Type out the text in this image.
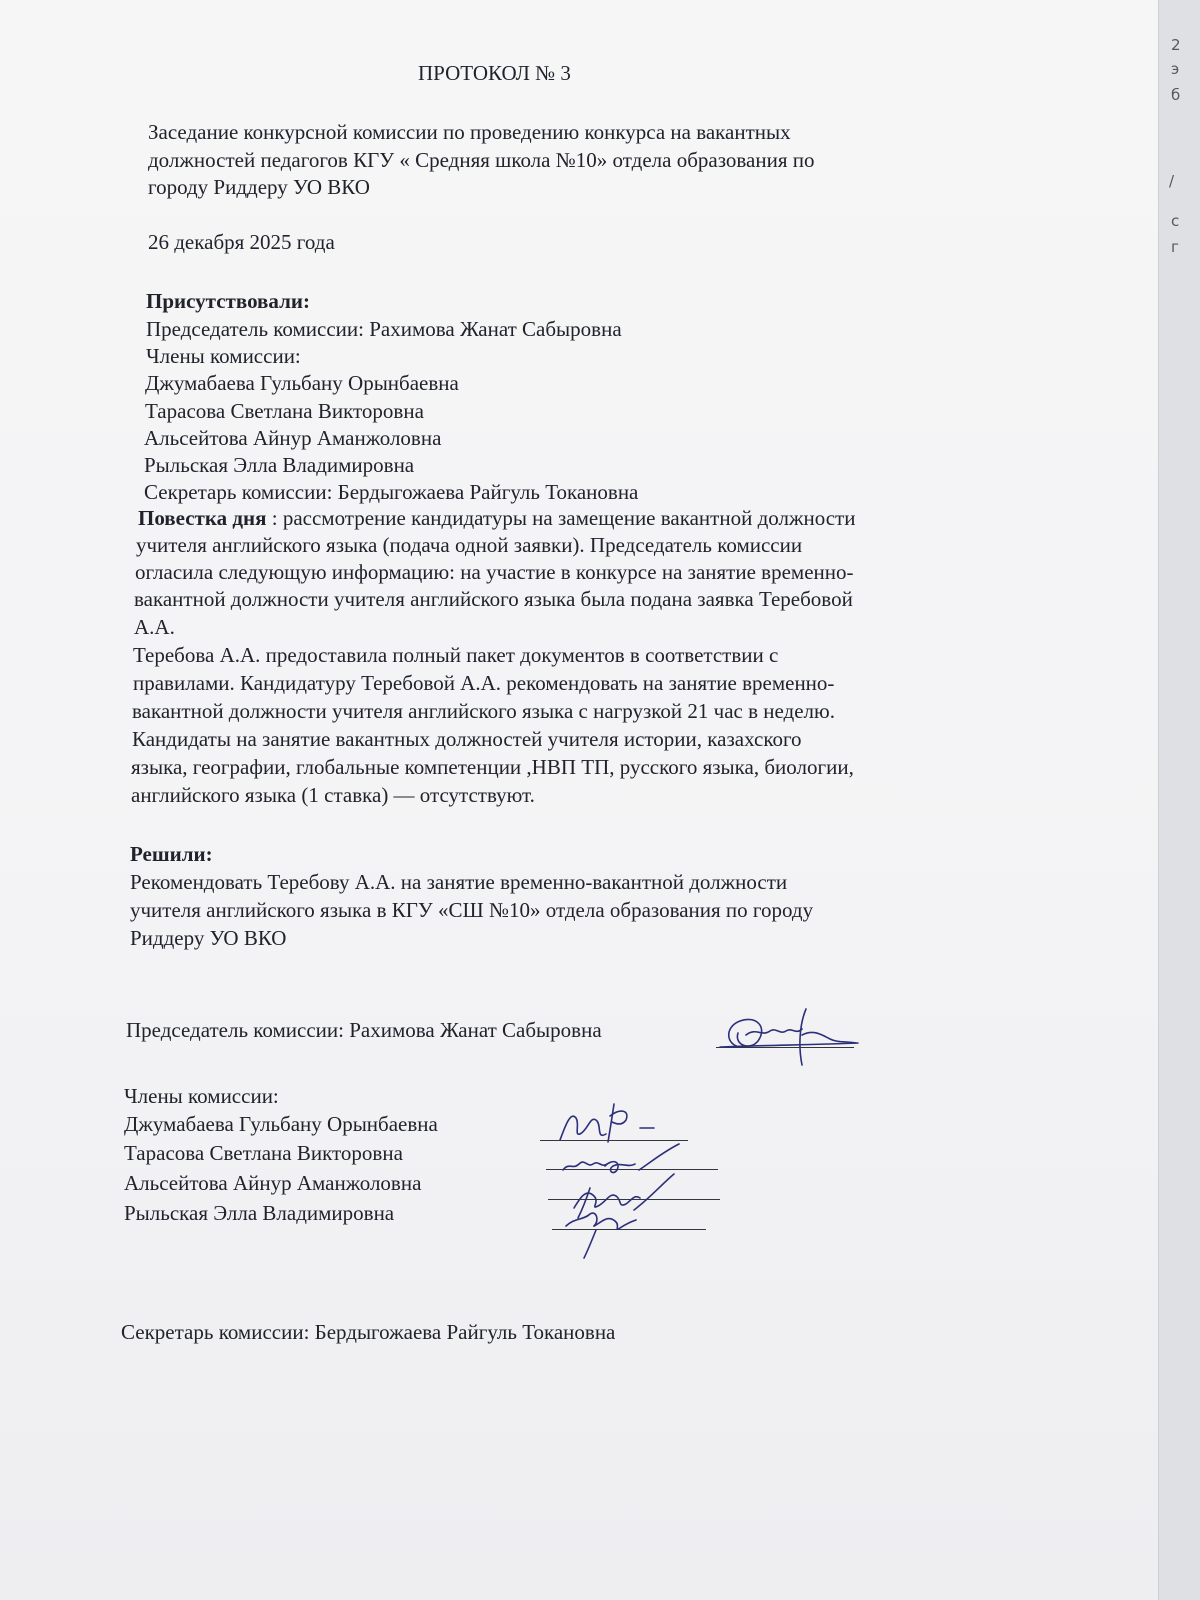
ПРОТОКОЛ № 3
Заседание конкурсной комиссии по проведению конкурса на вакантных
должностей педагогов КГУ « Средняя школа №10» отдела образования по
городу Риддеру УО ВКО
26 декабря 2025 года
Присутствовали:
Председатель комиссии: Рахимова Жанат Сабыровна
Члены комиссии:
Джумабаева Гульбану Орынбаевна
Тарасова Светлана Викторовна
Альсейтова Айнур Аманжоловна
Рыльская Элла Владимировна
Секретарь комиссии: Бердыгожаева Райгуль Токановна
Повестка дня : рассмотрение кандидатуры на замещение вакантной должности
учителя английского языка (подача одной заявки). Председатель комиссии
огласила следующую информацию: на участие в конкурсе на занятие временно-
вакантной должности учителя английского языка была подана заявка Теребовой
А.А.
Теребова А.А. предоставила полный пакет документов в соответствии с
правилами. Кандидатуру Теребовой А.А. рекомендовать на занятие временно-
вакантной должности учителя английского языка с нагрузкой 21 час в неделю.
Кандидаты на занятие вакантных должностей учителя истории, казахского
языка, географии, глобальные компетенции ,НВП ТП, русского языка, биологии,
английского языка (1 ставка) — отсутствуют.
Решили:
Рекомендовать Теребову А.А. на занятие временно-вакантной должности
учителя английского языка в КГУ «СШ №10» отдела образования по городу
Риддеру УО ВКО
Председатель комиссии: Рахимова Жанат Сабыровна
Члены комиссии:
Джумабаева Гульбану Орынбаевна
Тарасова Светлана Викторовна
Альсейтова Айнур Аманжоловна
Рыльская Элла Владимировна
Секретарь комиссии: Бердыгожаева Райгуль Токановна
2
э
б
/
с
г
